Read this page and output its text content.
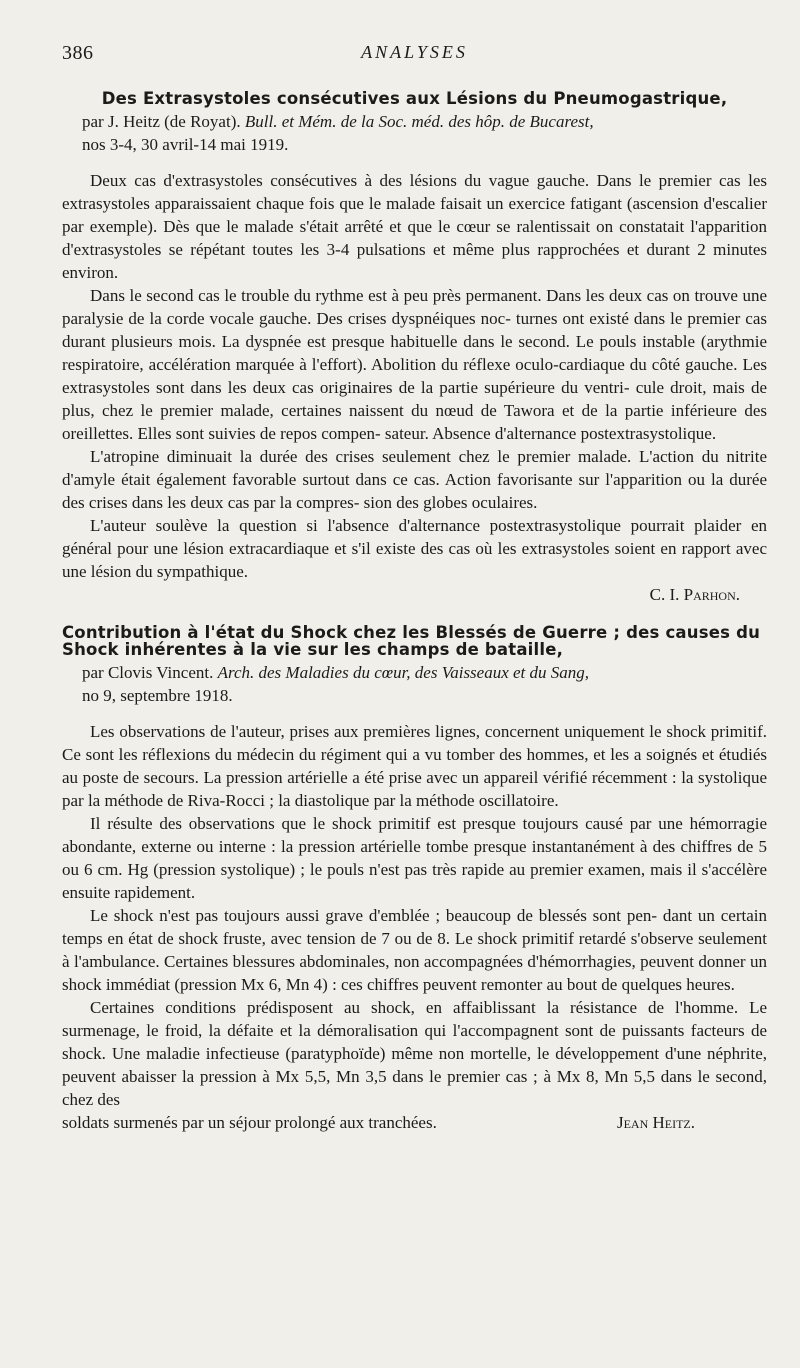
386	ANALYSES
Des Extrasystoles consécutives aux Lésions du Pneumogastrique,
par J. Heitz (de Royat). Bull. et Mém. de la Soc. méd. des hôp. de Bucarest,
nos 3-4, 30 avril-14 mai 1919.

Deux cas d'extrasystoles consécutives à des lésions du vague gauche. Dans le premier cas les extrasystoles apparaissaient chaque fois que le malade faisait un exercice fatigant (ascension d'escalier par exemple). Dès que le malade s'était arrêté et que le cœur se ralentissait on constatait l'apparition d'extrasystoles se répétant toutes les 3-4 pulsations et même plus rapprochées et durant 2 minutes environ.

Dans le second cas le trouble du rythme est à peu près permanent. Dans les deux cas on trouve une paralysie de la corde vocale gauche. Des crises dyspnéiques noc- turnes ont existé dans le premier cas durant plusieurs mois. La dyspnée est presque habituelle dans le second. Le pouls instable (arythmie respiratoire, accélération marquée à l'effort). Abolition du réflexe oculo-cardiaque du côté gauche. Les extrasystoles sont dans les deux cas originaires de la partie supérieure du ventri- cule droit, mais de plus, chez le premier malade, certaines naissent du nœud de Tawora et de la partie inférieure des oreillettes. Elles sont suivies de repos compen- sateur. Absence d'alternance postextrasystolique.

L'atropine diminuait la durée des crises seulement chez le premier malade. L'action du nitrite d'amyle était également favorable surtout dans ce cas. Action favorisante sur l'apparition ou la durée des crises dans les deux cas par la compres- sion des globes oculaires.

L'auteur soulève la question si l'absence d'alternance postextrasystolique pourrait plaider en général pour une lésion extracardiaque et s'il existe des cas où les extrasystoles soient en rapport avec une lésion du sympathique.

C. I. Parhon.
Contribution à l'état du Shock chez les Blessés de Guerre ; des causes du Shock inhérentes à la vie sur les champs de bataille,
par Clovis Vincent. Arch. des Maladies du cœur, des Vaisseaux et du Sang,
no 9, septembre 1918.

Les observations de l'auteur, prises aux premières lignes, concernent uniquement le shock primitif. Ce sont les réflexions du médecin du régiment qui a vu tomber des hommes, et les a soignés et étudiés au poste de secours. La pression artérielle a été prise avec un appareil vérifié récemment : la systolique par la méthode de Riva-Rocci ; la diastolique par la méthode oscillatoire.

Il résulte des observations que le shock primitif est presque toujours causé par une hémorragie abondante, externe ou interne : la pression artérielle tombe presque instantanément à des chiffres de 5 ou 6 cm. Hg (pression systolique) ; le pouls n'est pas très rapide au premier examen, mais il s'accélère ensuite rapidement.

Le shock n'est pas toujours aussi grave d'emblée ; beaucoup de blessés sont pen- dant un certain temps en état de shock fruste, avec tension de 7 ou de 8. Le shock primitif retardé s'observe seulement à l'ambulance. Certaines blessures abdominales, non accompagnées d'hémorrhagies, peuvent donner un shock immédiat (pression Mx 6, Mn 4) : ces chiffres peuvent remonter au bout de quelques heures.

Certaines conditions prédisposent au shock, en affaiblissant la résistance de l'homme. Le surmenage, le froid, la défaite et la démoralisation qui l'accompagnent sont de puissants facteurs de shock. Une maladie infectieuse (paratyphoïde) même non mortelle, le développement d'une néphrite, peuvent abaisser la pression à Mx 5,5, Mn 3,5 dans le premier cas ; à Mx 8, Mn 5,5 dans le second, chez des

soldats surmenés par un séjour prolongé aux tranchées.	Jean Heitz.
